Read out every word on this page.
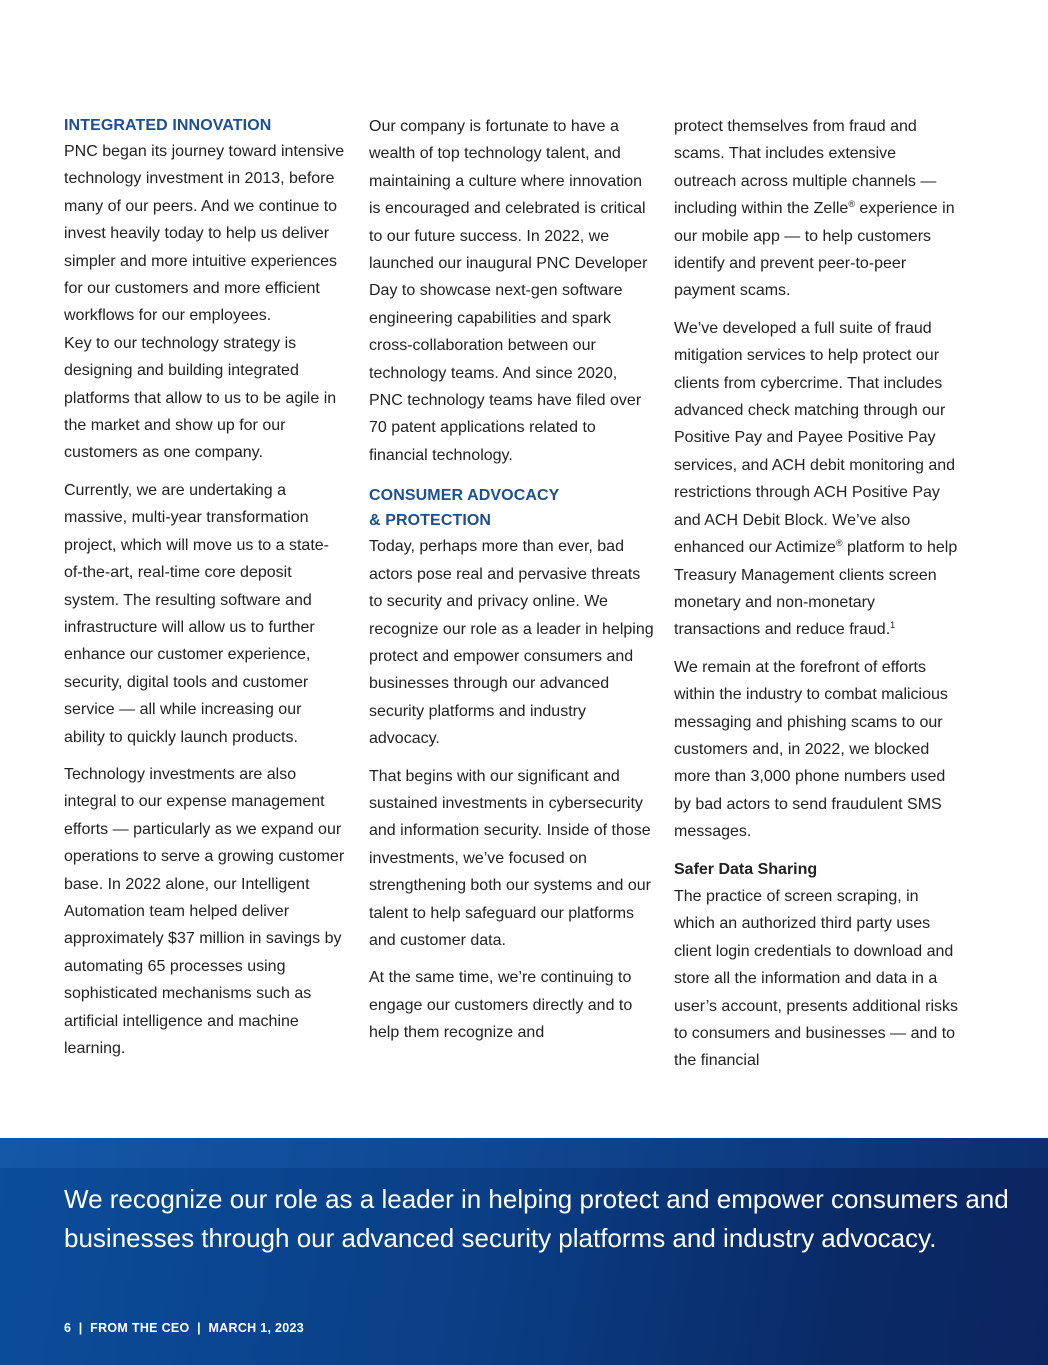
INTEGRATED INNOVATION

PNC began its journey toward intensive technology investment in 2013, before many of our peers. And we continue to invest heavily today to help us deliver simpler and more intuitive experiences for our customers and more efficient workflows for our employees.

Key to our technology strategy is designing and building integrated platforms that allow to us to be agile in the market and show up for our customers as one company.

Currently, we are undertaking a massive, multi-year transformation project, which will move us to a state-of-the-art, real-time core deposit system. The resulting software and infrastructure will allow us to further enhance our customer experience, security, digital tools and customer service — all while increasing our ability to quickly launch products.

Technology investments are also integral to our expense management efforts — particularly as we expand our operations to serve a growing customer base. In 2022 alone, our Intelligent Automation team helped deliver approximately $37 million in savings by automating 65 processes using sophisticated mechanisms such as artificial intelligence and machine learning.

Our company is fortunate to have a wealth of top technology talent, and maintaining a culture where innovation is encouraged and celebrated is critical to our future success. In 2022, we launched our inaugural PNC Developer Day to showcase next-gen software engineering capabilities and spark cross-collaboration between our technology teams. And since 2020, PNC technology teams have filed over 70 patent applications related to financial technology.

CONSUMER ADVOCACY
& PROTECTION

Today, perhaps more than ever, bad actors pose real and pervasive threats to security and privacy online. We recognize our role as a leader in helping protect and empower consumers and businesses through our advanced security platforms and industry advocacy.

That begins with our significant and sustained investments in cybersecurity and information security. Inside of those investments, we’ve focused on strengthening both our systems and our talent to help safeguard our platforms and customer data.

At the same time, we’re continuing to engage our customers directly and to help them recognize and

protect themselves from fraud and scams. That includes extensive outreach across multiple channels — including within the Zelle® experience in our mobile app — to help customers identify and prevent peer-to-peer payment scams.

We’ve developed a full suite of fraud mitigation services to help protect our clients from cybercrime. That includes advanced check matching through our Positive Pay and Payee Positive Pay services, and ACH debit monitoring and restrictions through ACH Positive Pay and ACH Debit Block. We’ve also enhanced our Actimize® platform to help Treasury Management clients screen monetary and non-monetary transactions and reduce fraud.$^1$

We remain at the forefront of efforts within the industry to combat malicious messaging and phishing scams to our customers and, in 2022, we blocked more than 3,000 phone numbers used by bad actors to send fraudulent SMS messages.

Safer Data Sharing

The practice of screen scraping, in which an authorized third party uses client login credentials to download and store all the information and data in a user’s account, presents additional risks to consumers and businesses — and to the financial

We recognize our role as a leader in helping protect and empower consumers and businesses through our advanced security platforms and industry advocacy.

6  |  FROM THE CEO  |  MARCH 1, 2023
